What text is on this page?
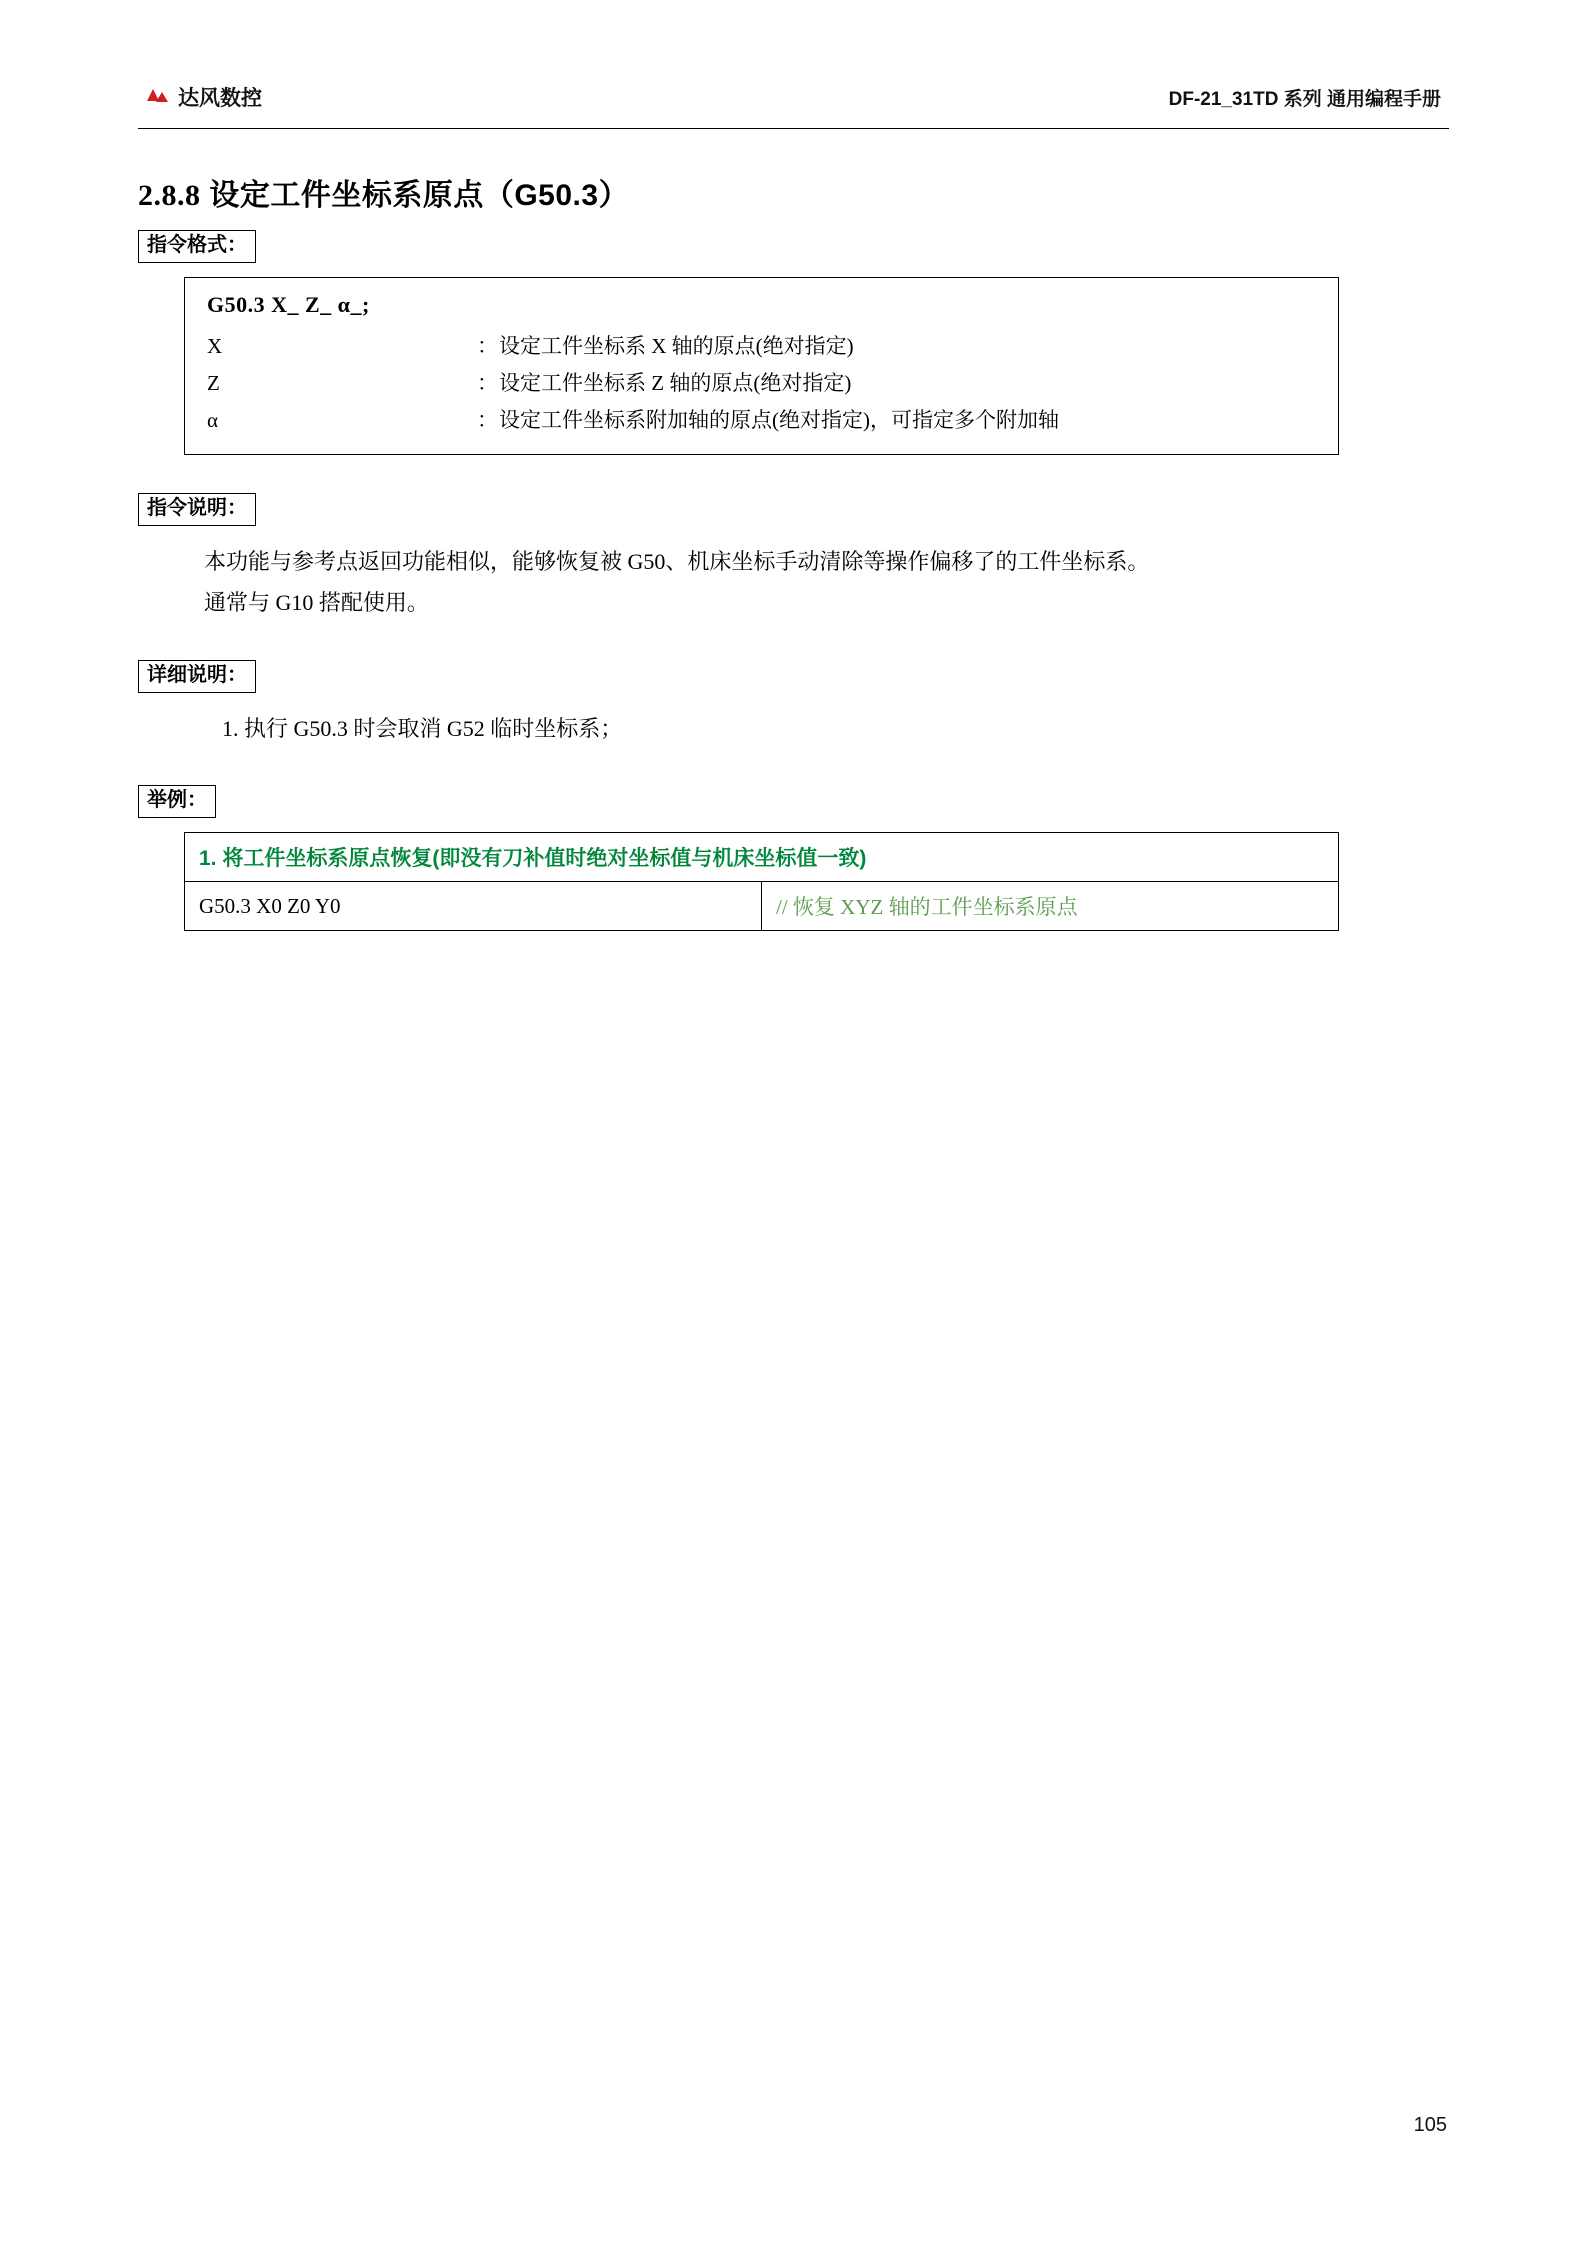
达风数控	DF-21_31TD 系列 通用编程手册
2.8.8 设定工件坐标系原点（G50.3）
指令格式：
G50.3 X_ Z_ α_;
X	： 设定工件坐标系 X 轴的原点(绝对指定)
Z	： 设定工件坐标系 Z 轴的原点(绝对指定)
α	： 设定工件坐标系附加轴的原点(绝对指定)，可指定多个附加轴
指令说明：

本功能与参考点返回功能相似，能够恢复被 G50、机床坐标手动清除等操作偏移了的工件坐标系。

通常与 G10 搭配使用。

详细说明：
1. 执行 G50.3 时会取消 G52 临时坐标系；
举例：
1. 将工件坐标系原点恢复(即没有刀补值时绝对坐标值与机床坐标值一致)
G50.3 X0 Z0 Y0	// 恢复 XYZ 轴的工件坐标系原点
105
